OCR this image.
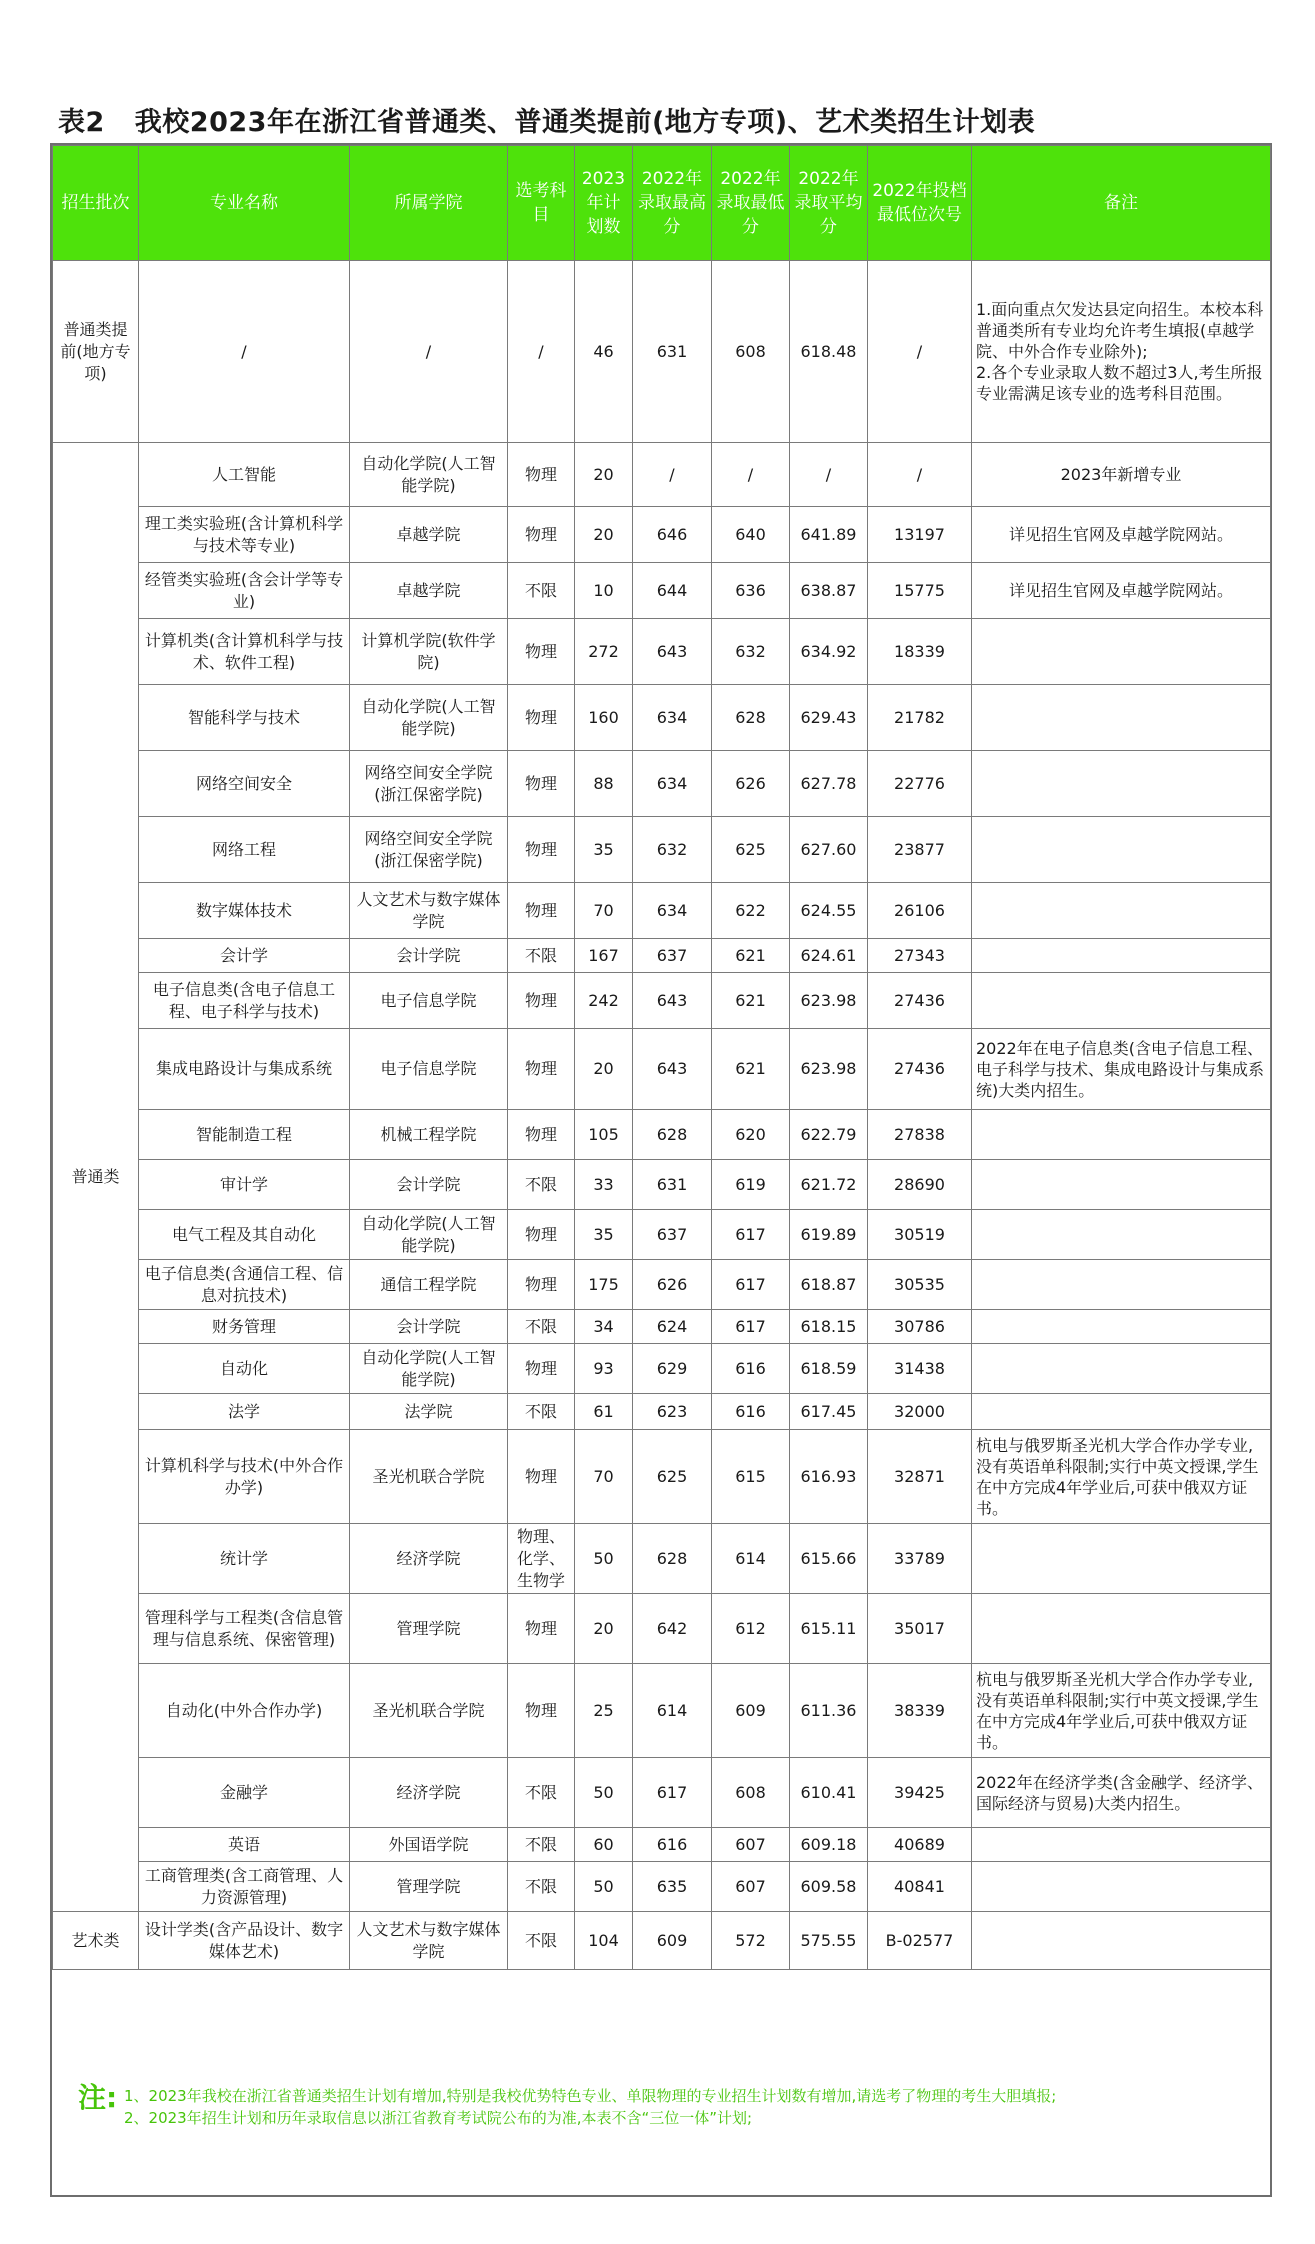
表2 我校2023年在浙江省普通类、普通类提前(地方专项)、艺术类招生计划表
招生批次	专业名称	所属学院	选考科目	2023年计划数	2022年录取最高分	2022年录取最低分	2022年录取平均分	2022年投档最低位次号	备注
普通类提前(地方专项)	/	/	/	46	631	608	618.48	/	1.面向重点欠发达县定向招生。本校本科普通类所有专业均允许考生填报(卓越学院、中外合作专业除外);
2.各个专业录取人数不超过3人,考生所报专业需满足该专业的选考科目范围。
普通类	人工智能	自动化学院(人工智能学院)	物理	20	/	/	/	/	2023年新增专业
	理工类实验班(含计算机科学与技术等专业)	卓越学院	物理	20	646	640	641.89	13197	详见招生官网及卓越学院网站。
	经管类实验班(含会计学等专业)	卓越学院	不限	10	644	636	638.87	15775	详见招生官网及卓越学院网站。
	计算机类(含计算机科学与技术、软件工程)	计算机学院(软件学院)	物理	272	643	632	634.92	18339	
	智能科学与技术	自动化学院(人工智能学院)	物理	160	634	628	629.43	21782	
	网络空间安全	网络空间安全学院(浙江保密学院)	物理	88	634	626	627.78	22776	
	网络工程	网络空间安全学院(浙江保密学院)	物理	35	632	625	627.60	23877	
	数字媒体技术	人文艺术与数字媒体学院	物理	70	634	622	624.55	26106	
	会计学	会计学院	不限	167	637	621	624.61	27343	
	电子信息类(含电子信息工程、电子科学与技术)	电子信息学院	物理	242	643	621	623.98	27436	
	集成电路设计与集成系统	电子信息学院	物理	20	643	621	623.98	27436	2022年在电子信息类(含电子信息工程、电子科学与技术、集成电路设计与集成系统)大类内招生。
	智能制造工程	机械工程学院	物理	105	628	620	622.79	27838	
	审计学	会计学院	不限	33	631	619	621.72	28690	
	电气工程及其自动化	自动化学院(人工智能学院)	物理	35	637	617	619.89	30519	
	电子信息类(含通信工程、信息对抗技术)	通信工程学院	物理	175	626	617	618.87	30535	
	财务管理	会计学院	不限	34	624	617	618.15	30786	
	自动化	自动化学院(人工智能学院)	物理	93	629	616	618.59	31438	
	法学	法学院	不限	61	623	616	617.45	32000	
	计算机科学与技术(中外合作办学)	圣光机联合学院	物理	70	625	615	616.93	32871	杭电与俄罗斯圣光机大学合作办学专业,没有英语单科限制;实行中英文授课,学生在中方完成4年学业后,可获中俄双方证书。
	统计学	经济学院	物理、化学、生物学	50	628	614	615.66	33789	
	管理科学与工程类(含信息管理与信息系统、保密管理)	管理学院	物理	20	642	612	615.11	35017	
	自动化(中外合作办学)	圣光机联合学院	物理	25	614	609	611.36	38339	杭电与俄罗斯圣光机大学合作办学专业,没有英语单科限制;实行中英文授课,学生在中方完成4年学业后,可获中俄双方证书。
	金融学	经济学院	不限	50	617	608	610.41	39425	2022年在经济学类(含金融学、经济学、国际经济与贸易)大类内招生。
	英语	外国语学院	不限	60	616	607	609.18	40689	
	工商管理类(含工商管理、人力资源管理)	管理学院	不限	50	635	607	609.58	40841	
艺术类	设计学类(含产品设计、数字媒体艺术)	人文艺术与数字媒体学院	不限	104	609	572	575.55	B-02577	
注: 1、2023年我校在浙江省普通类招生计划有增加,特别是我校优势特色专业、单限物理的专业招生计划数有增加,请选考了物理的考生大胆填报;
2、2023年招生计划和历年录取信息以浙江省教育考试院公布的为准,本表不含“三位一体”计划;
